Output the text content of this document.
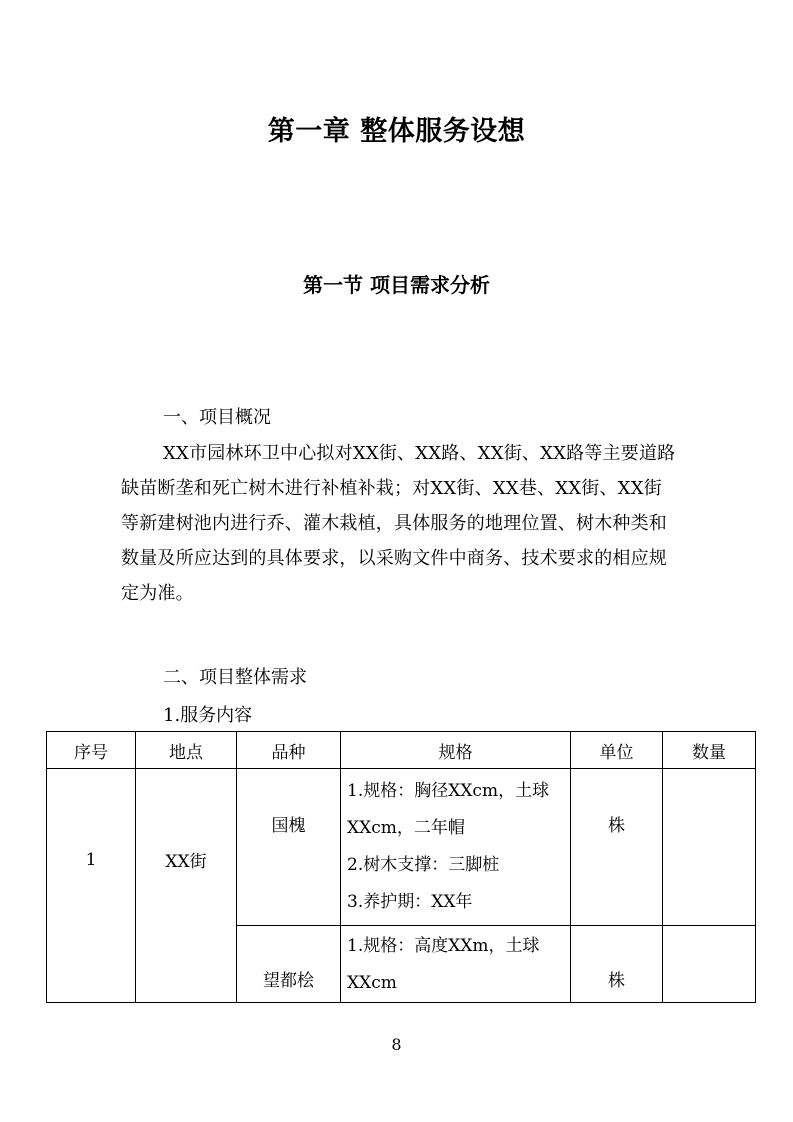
第一章 整体服务设想
第一节 项目需求分析
一、项目概况
XX市园林环卫中心拟对XX街、XX路、XX街、XX路等主要道路缺苗断垄和死亡树木进行补植补栽；对XX街、XX巷、XX街、XX街等新建树池内进行乔、灌木栽植，具体服务的地理位置、树木种类和数量及所应达到的具体要求，以采购文件中商务、技术要求的相应规定为准。
二、项目整体需求
1.服务内容
序号	地点	品种	规格	单位	数量

1	XX街	国槐	1.规格：胸径XXcm，土球XXcm，二年帽
2.树木支撑：三脚桩
3.养护期：XX年	株	

		望都桧	1.规格：高度XXm，土球XXcm	株	

8
